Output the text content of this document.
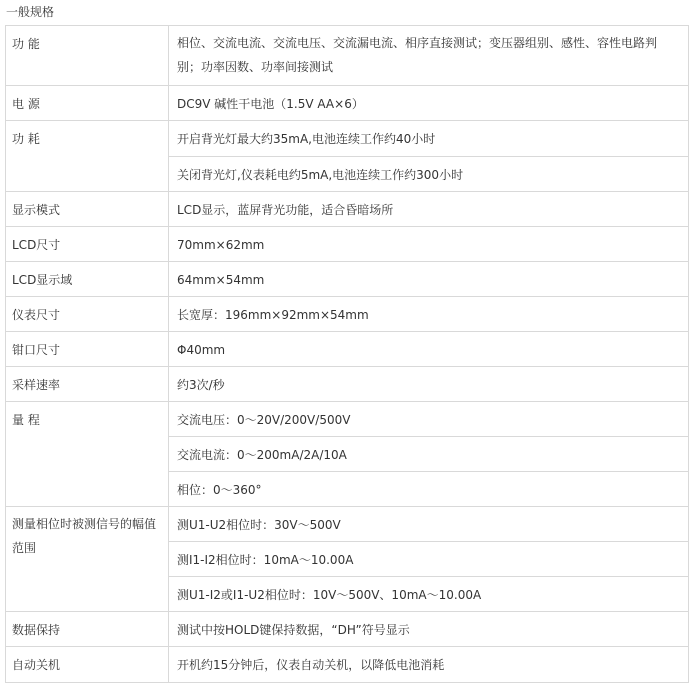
一般规格
功 能	相位、交流电流、交流电压、交流漏电流、相序直接测试；变压器组别、感性、容性电路判别；功率因数、功率间接测试
电 源	DC9V 碱性干电池（1.5V AA×6）
功 耗	开启背光灯最大约35mA,电池连续工作约40小时
	关闭背光灯,仪表耗电约5mA,电池连续工作约300小时
显示模式	LCD显示，蓝屏背光功能，适合昏暗场所
LCD尺寸	70mm×62mm
LCD显示域	64mm×54mm
仪表尺寸	长宽厚：196mm×92mm×54mm
钳口尺寸	Φ40mm
采样速率	约3次/秒
量 程	交流电压：0～20V/200V/500V
	交流电流：0～200mA/2A/10A
	相位：0～360°
测量相位时被测信号的幅值范围	测U1-U2相位时：30V～500V
	测I1-I2相位时：10mA～10.00A
	测U1-I2或I1-U2相位时：10V～500V、10mA～10.00A
数据保持	测试中按HOLD键保持数据，“DH”符号显示
自动关机	开机约15分钟后，仪表自动关机，以降低电池消耗
